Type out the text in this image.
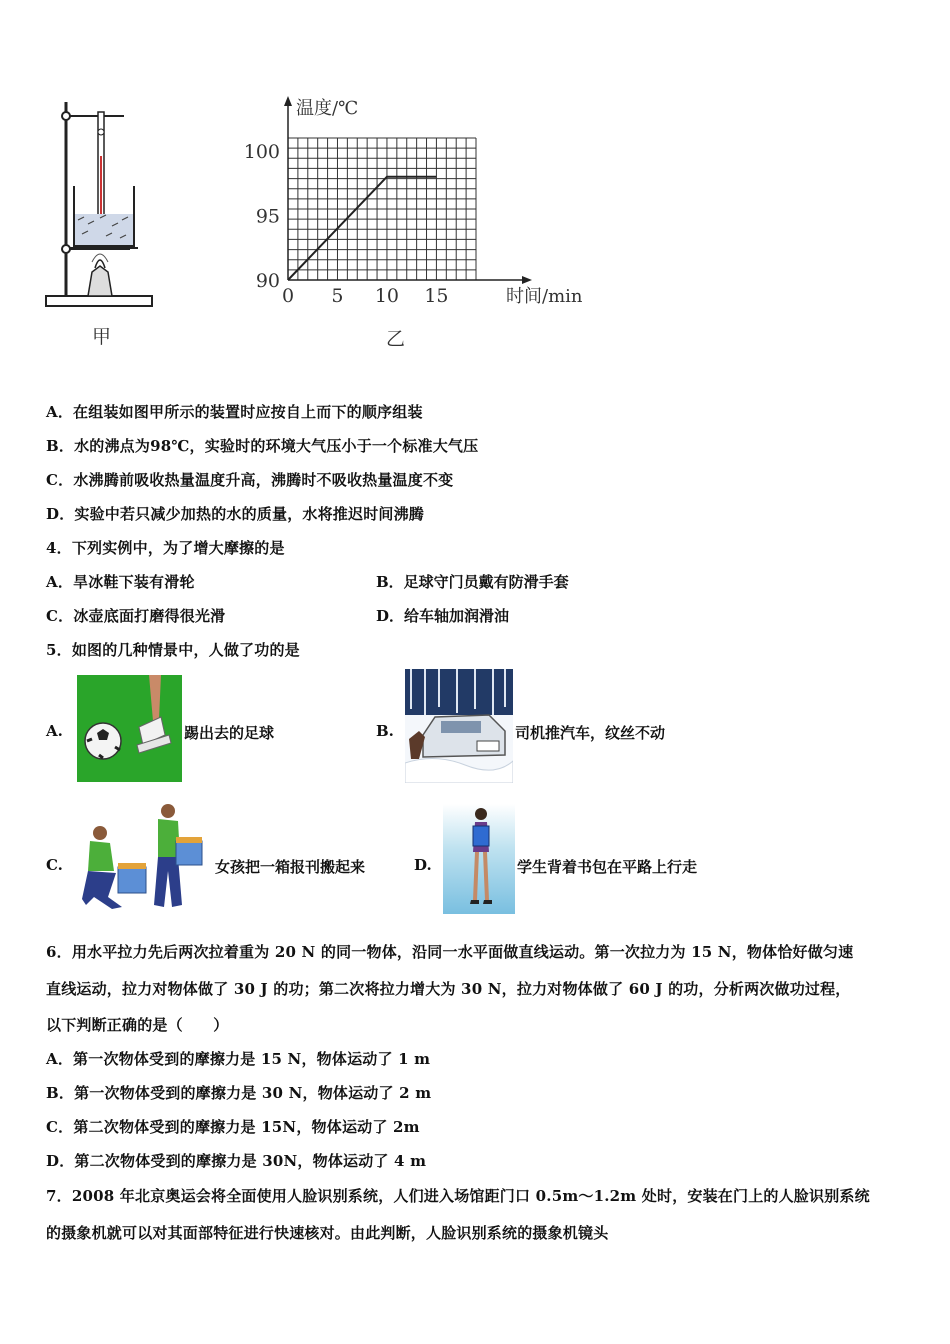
甲
0 5 10 15
90
95
100
温度/℃
时间/min
乙
A．在组装如图甲所示的装置时应按自上而下的顺序组装
B．水的沸点为98℃，实验时的环境大气压小于一个标准大气压
C．水沸腾前吸收热量温度升高，沸腾时不吸收热量温度不变
D．实验中若只减少加热的水的质量，水将推迟时间沸腾
4．下列实例中，为了增大摩擦的是
A．旱冰鞋下装有滑轮	B．足球守门员戴有防滑手套
C．冰壶底面打磨得很光滑	D．给车轴加润滑油
5．如图的几种情景中，人做了功的是
A.	踢出去的足球	B.	司机推汽车，纹丝不动
C.	女孩把一箱报刊搬起来	D.	学生背着书包在平路上行走
6．用水平拉力先后两次拉着重为 20 N 的同一物体，沿同一水平面做直线运动。第一次拉力为 15 N，物体恰好做匀速
直线运动，拉力对物体做了 30 J 的功；第二次将拉力增大为 30 N，拉力对物体做了 60 J 的功，分析两次做功过程，
以下判断正确的是（　　）
A．第一次物体受到的摩擦力是 15 N，物体运动了 1 m
B．第一次物体受到的摩擦力是 30 N，物体运动了 2 m
C．第二次物体受到的摩擦力是 15N，物体运动了 2m
D．第二次物体受到的摩擦力是 30N，物体运动了 4 m
7．2008 年北京奥运会将全面使用人脸识别系统，人们进入场馆距门口 0.5m～1.2m 处时，安装在门上的人脸识别系统
的摄象机就可以对其面部特征进行快速核对。由此判断，人脸识别系统的摄象机镜头
